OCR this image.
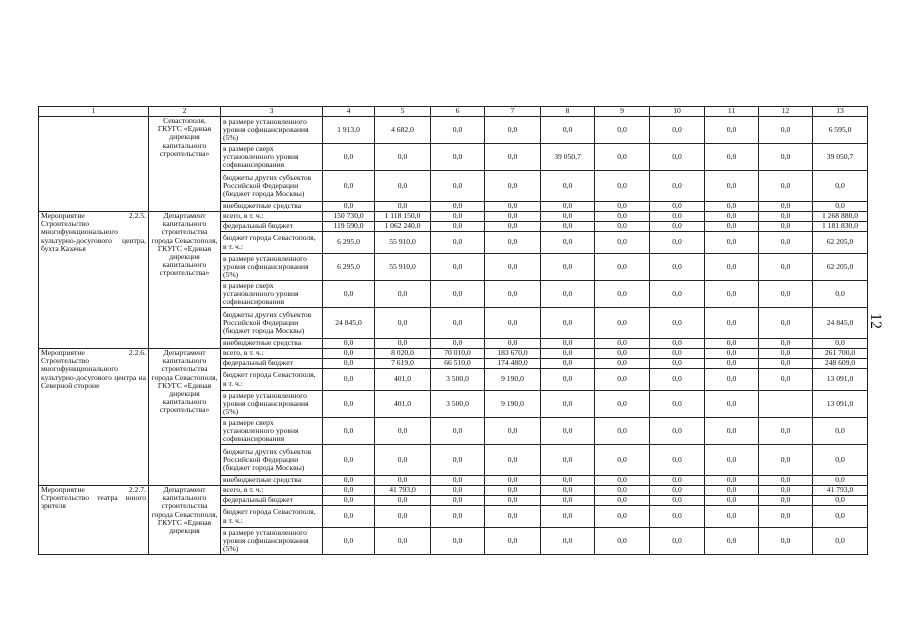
1	2	3	4	5	6	7	8	9	10	11	12	13
	Севастополя, ГКУГС «Единая дирекция капитального строительства»	в размере установленного уровня софинансирования (5%)	1 913,0	4 682,0	0,0	0,0	0,0	0,0	0,0	0,0	0,0	6 595,0
		в размере сверх установленного уровня софинансирования	0,0	0,0	0,0	0,0	39 050,7	0,0	0,0	0,0	0,0	39 050,7
		бюджеты других субъектов Российской Федерации (бюджет города Москвы)	0,0	0,0	0,0	0,0	0,0	0,0	0,0	0,0	0,0	0,0
		внебюджетные средства	0,0	0,0	0,0	0,0	0,0	0,0	0,0	0,0	0,0	0,0
Мероприятие 2.2.5. Строительство многофункционального культурно-досугового центра, бухта Казачья	Департамент капитального строительства города Севастополя, ГКУГС «Единая дирекция капитального строительства»	всего, в т. ч.:	150 730,0	1 118 150,0	0,0	0,0	0,0	0,0	0,0	0,0	0,0	1 268 880,0
		федеральный бюджет	119 590,0	1 062 240,0	0,0	0,0	0,0	0,0	0,0	0,0	0,0	1 181 830,0
		бюджет города Севастополя, в т. ч.:	6 295,0	55 910,0	0,0	0,0	0,0	0,0	0,0	0,0	0,0	62 205,0
		в размере установленного уровня софинансирования (5%)	6 295,0	55 910,0	0,0	0,0	0,0	0,0	0,0	0,0	0,0	62 205,0
		в размере сверх установленного уровня софинансирования	0,0	0,0	0,0	0,0	0,0	0,0	0,0	0,0	0,0	0,0
		бюджеты других субъектов Российской Федерации (бюджет города Москвы)	24 845,0	0,0	0,0	0,0	0,0	0,0	0,0	0,0	0,0	24 845,0
		внебюджетные средства	0,0	0,0	0,0	0,0	0,0	0,0	0,0	0,0	0,0	0,0
Мероприятие 2.2.6. Строительство многофункционального культурно-досугового центра на Северной стороне	Департамент капитального строительства города Севастополя, ГКУГС «Единая дирекция капитального строительства»	всего, в т. ч.:	0,0	8 020,0	70 010,0	183 670,0	0,0	0,0	0,0	0,0	0,0	261 700,0
		федеральный бюджет	0,0	7 619,0	66 510,0	174 480,0	0,0	0,0	0,0	0,0	0,0	248 609,0
		бюджет города Севастополя, в т. ч.:	0,0	401,0	3 500,0	9 190,0	0,0	0,0	0,0	0,0	0,0	13 091,0
		в размере установленного уровня софинансирования (5%)	0,0	401,0	3 500,0	9 190,0	0,0	0,0	0,0	0,0		13 091,0
		в размере сверх установленного уровня софинансирования	0,0	0,0	0,0	0,0	0,0	0,0	0,0	0,0	0,0	0,0
		бюджеты других субъектов Российской Федерации (бюджет города Москвы)	0,0	0,0	0,0	0,0	0,0	0,0	0,0	0,0	0,0	0,0
		внебюджетные средства	0,0	0,0	0,0	0,0	0,0	0,0	0,0	0,0	0,0	0,0
Мероприятие 2.2.7. Строительство театра юного зрителя	Департамент капитального строительства города Севастополя, ГКУГС «Единая дирекция	всего, в т. ч.:	0,0	41 793,0	0,0	0,0	0,0	0,0	0,0	0,0	0,0	41 793,0
		федеральный бюджет	0,0	0,0	0,0	0,0	0,0	0,0	0,0	0,0	0,0	0,0
		бюджет города Севастополя, в т. ч.:	0,0	0,0	0,0	0,0	0,0	0,0	0,0	0,0	0,0	0,0
		в размере установленного уровня софинансирования (5%)	0,0	0,0	0,0	0,0	0,0	0,0	0,0	0,0	0,0	0,0
12
